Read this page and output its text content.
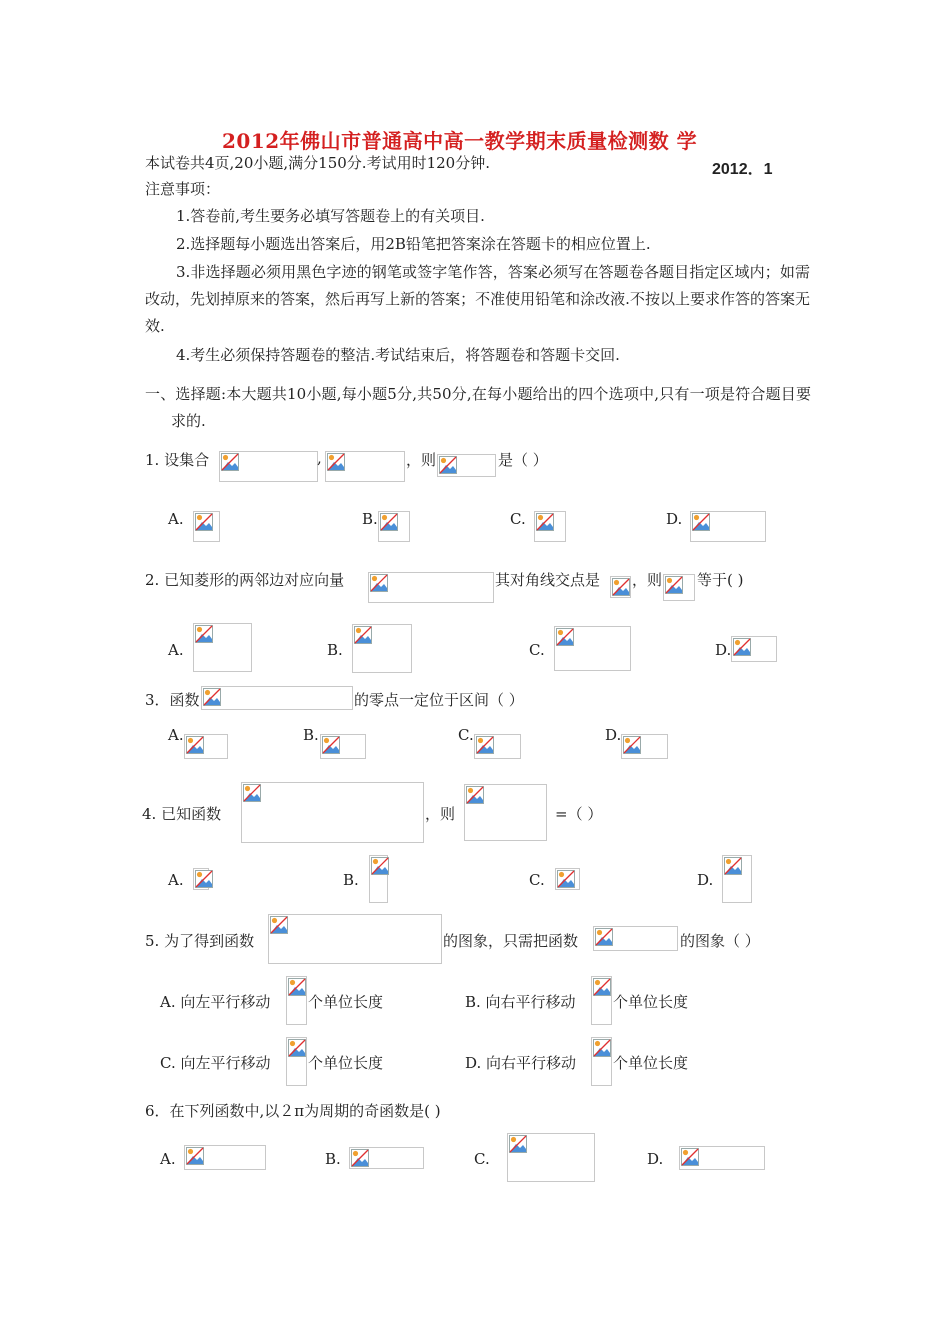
2012年佛山市普通高中高一教学期末质量检测数 学
本试卷共4页,20小题,满分150分.考试用时120分钟.	2012．1
注意事项：
1.答卷前,考生要务必填写答题卷上的有关项目.
2.选择题每小题选出答案后，用2B铅笔把答案涂在答题卡的相应位置上.
3.非选择题必须用黑色字迹的钢笔或签字笔作答，答案必须写在答题卷各题目指定区域内；如需改动，先划掉原来的答案，然后再写上新的答案；不准使用铅笔和涂改液.不按以上要求作答的答案无效.
4.考生必须保持答题卷的整洁.考试结束后，将答题卷和答题卡交回.
一、选择题:本大题共10小题,每小题5分,共50分,在每小题给出的四个选项中,只有一项是符合题目要求的.
1. 设集合	,	，则	是（ ）
A.	B.	C.	D.
2. 已知菱形的两邻边对应向量	其对角线交点是 ，则 等于( )
A.	B.	C.	D.
3．函数	的零点一定位于区间（ ）
A.	B.	C.	D.
4. 已知函数	，则	=（ ）
A.	B.	C.	D.
5. 为了得到函数	的图象，只需把函数	的图象（ ）
A. 向左平行移动	个单位长度	B. 向右平行移动 个单位长度
C. 向左平行移动	个单位长度	D. 向右平行移动 个单位长度
6．在下列函数中,以２π为周期的奇函数是( )
A.	B.	C.	D.
